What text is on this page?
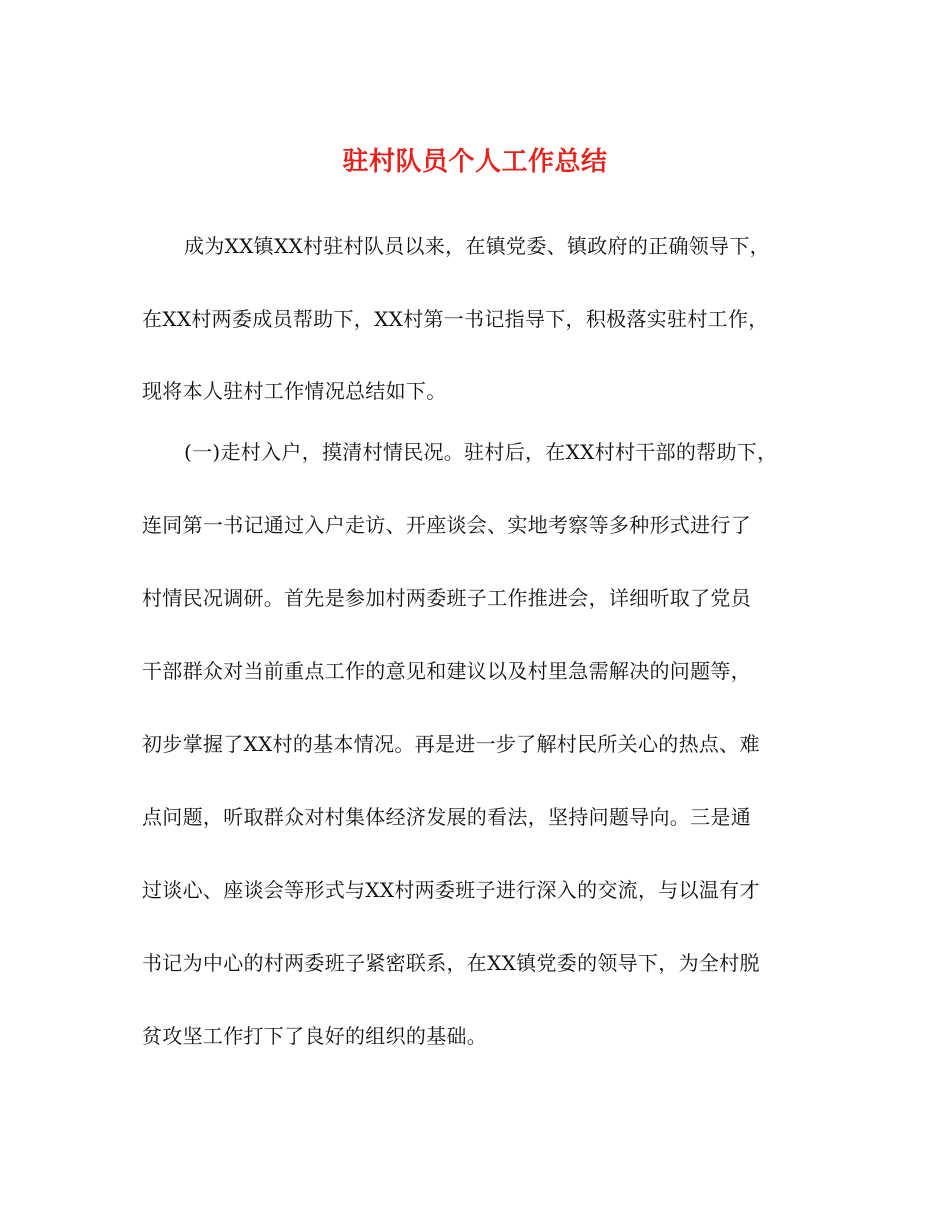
驻村队员个人工作总结
成为XX镇XX村驻村队员以来，在镇党委、镇政府的正确领导下，
在XX村两委成员帮助下，XX村第一书记指导下，积极落实驻村工作，
现将本人驻村工作情况总结如下。
(一)走村入户，摸清村情民况。驻村后，在XX村村干部的帮助下，
连同第一书记通过入户走访、开座谈会、实地考察等多种形式进行了
村情民况调研。首先是参加村两委班子工作推进会，详细听取了党员
干部群众对当前重点工作的意见和建议以及村里急需解决的问题等，
初步掌握了XX村的基本情况。再是进一步了解村民所关心的热点、难
点问题，听取群众对村集体经济发展的看法，坚持问题导向。三是通
过谈心、座谈会等形式与XX村两委班子进行深入的交流，与以温有才
书记为中心的村两委班子紧密联系，在XX镇党委的领导下，为全村脱
贫攻坚工作打下了良好的组织的基础。
